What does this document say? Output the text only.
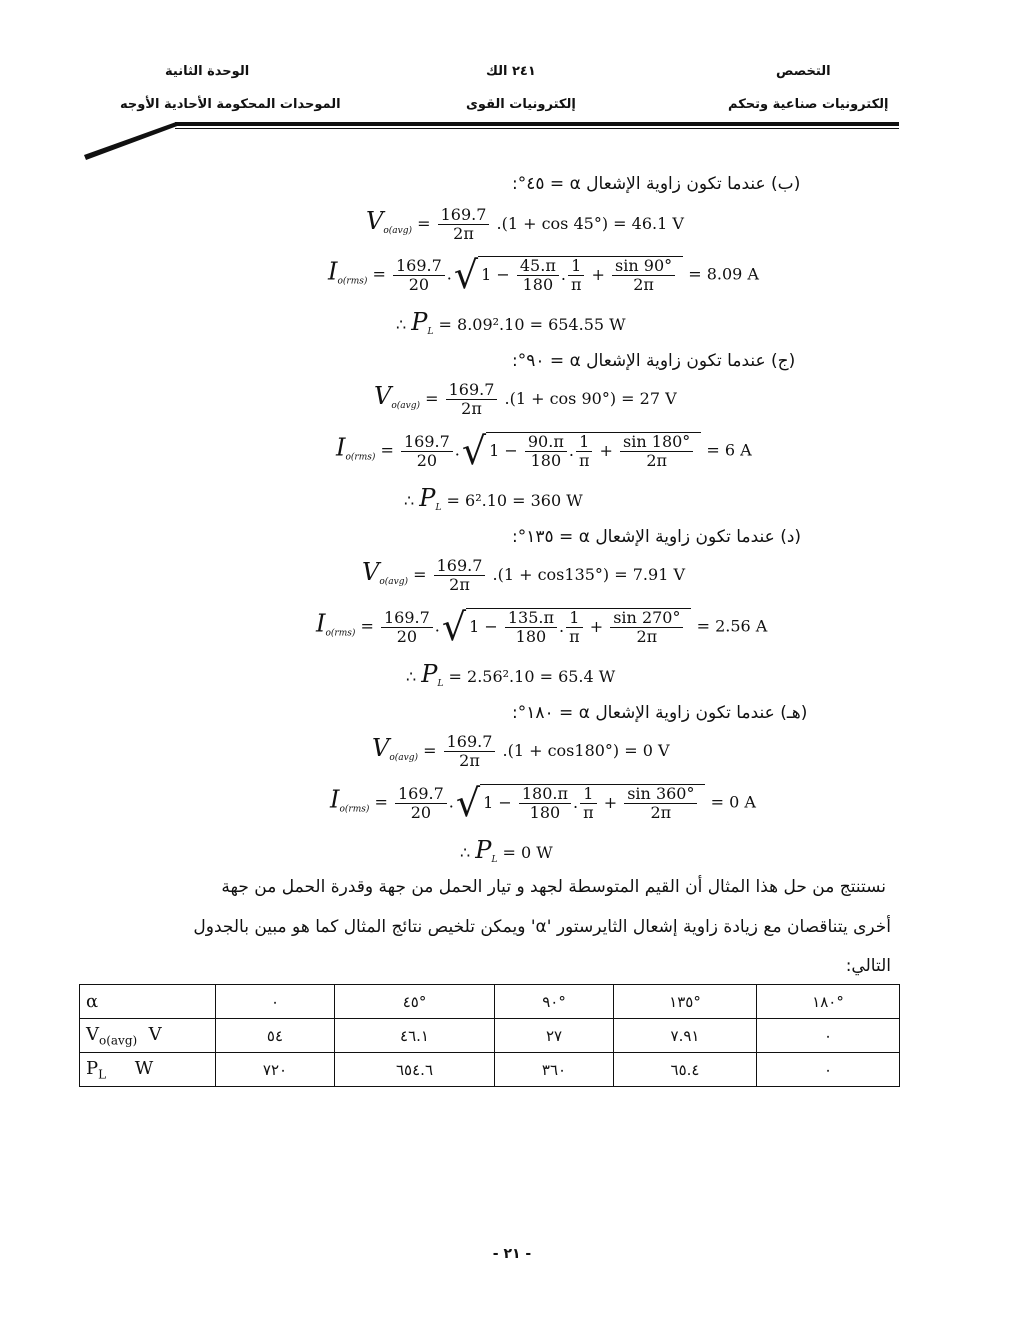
الوحدة الثانية
الموحدات المحكومة الأحادية الأوجه
٢٤١ الك
إلكترونيات القوى
التخصص
إلكترونيات صناعية وتحكم
(ب) عندما تكون زاوية الإشعال α = ٤٥°:
$V_{o(avg)} = \frac{169.7}{2\pi} .(1 + \cos 45^\circ) = 46.1$ V
$I_{o(rms)} = \frac{169.7}{20}$ .√ $1 - \frac{45.\pi}{180}$ . $\frac{1}{\pi} + \frac{\sin 90^\circ}{2\pi} = 8.09$ A
∴ $P_L = 8.09^2.10 = 654.55$ W
(ج) عندما تكون زاوية الإشعال α = ٩٠°:
$V_{o(avg)} = \frac{169.7}{2\pi} .(1 + \cos 90^\circ) = 27$ V
$I_{o(rms)} = \frac{169.7}{20}$ .√ $1 - \frac{90.\pi}{180}$ . $\frac{1}{\pi} + \frac{\sin 180^\circ}{2\pi} = 6$ A
∴ $P_L = 6^2.10 = 360$ W
(د) عندما تكون زاوية الإشعال α = ١٣٥°:
$V_{o(avg)} = \frac{169.7}{2\pi} .(1 + \cos 135^\circ) = 7.91$ V
$I_{o(rms)} = \frac{169.7}{20}$ .√ $1 - \frac{135.\pi}{180}$ . $\frac{1}{\pi} + \frac{\sin 270^\circ}{2\pi} = 2.56$ A
∴ $P_L = 2.56^2.10 = 65.4$ W
(هـ) عندما تكون زاوية الإشعال α = ١٨٠°:
$V_{o(avg)} = \frac{169.7}{2\pi} .(1 + \cos 180^\circ) = 0$ V
$I_{o(rms)} = \frac{169.7}{20}$ .√ $1 - \frac{180.\pi}{180}$ . $\frac{1}{\pi} + \frac{\sin 360^\circ}{2\pi} = 0$ A
∴ $P_L = 0$ W
نستنتج من حل هذا المثال أن القيم المتوسطة لجهد و تيار الحمل من جهة وقدرة الحمل من جهة
أخرى يتناقصان مع زيادة زاوية إشعال الثايرستور 'α' ويمكن تلخيص نتائج المثال كما هو مبين بالجدول
التالي:
α	٠	٤٥°	٩٠°	١٣٥°	١٨٠°
$V_{o(avg)}$ V	٥٤	٤٦.١	٢٧	٧.٩١	٠
$P_L$ W	٧٢٠	٦٥٤.٦	٣٦٠	٦٥.٤	٠
- ٢١ -
